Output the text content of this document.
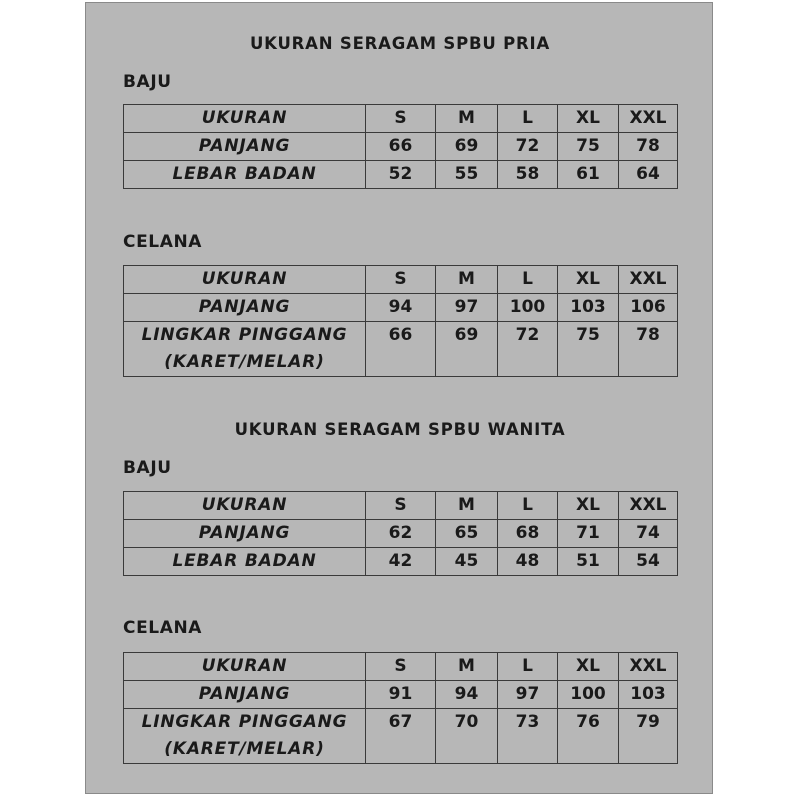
UKURAN SERAGAM SPBU PRIA
BAJU
UKURAN	S	M	L	XL	XXL
PANJANG	66	69	72	75	78
LEBAR BADAN	52	55	58	61	64
CELANA
UKURAN	S	M	L	XL	XXL
PANJANG	94	97	100	103	106
LINGKAR PINGGANG (KARET/MELAR)	66	69	72	75	78
UKURAN SERAGAM SPBU WANITA
BAJU
UKURAN	S	M	L	XL	XXL
PANJANG	62	65	68	71	74
LEBAR BADAN	42	45	48	51	54
CELANA
UKURAN	S	M	L	XL	XXL
PANJANG	91	94	97	100	103
LINGKAR PINGGANG (KARET/MELAR)	67	70	73	76	79
